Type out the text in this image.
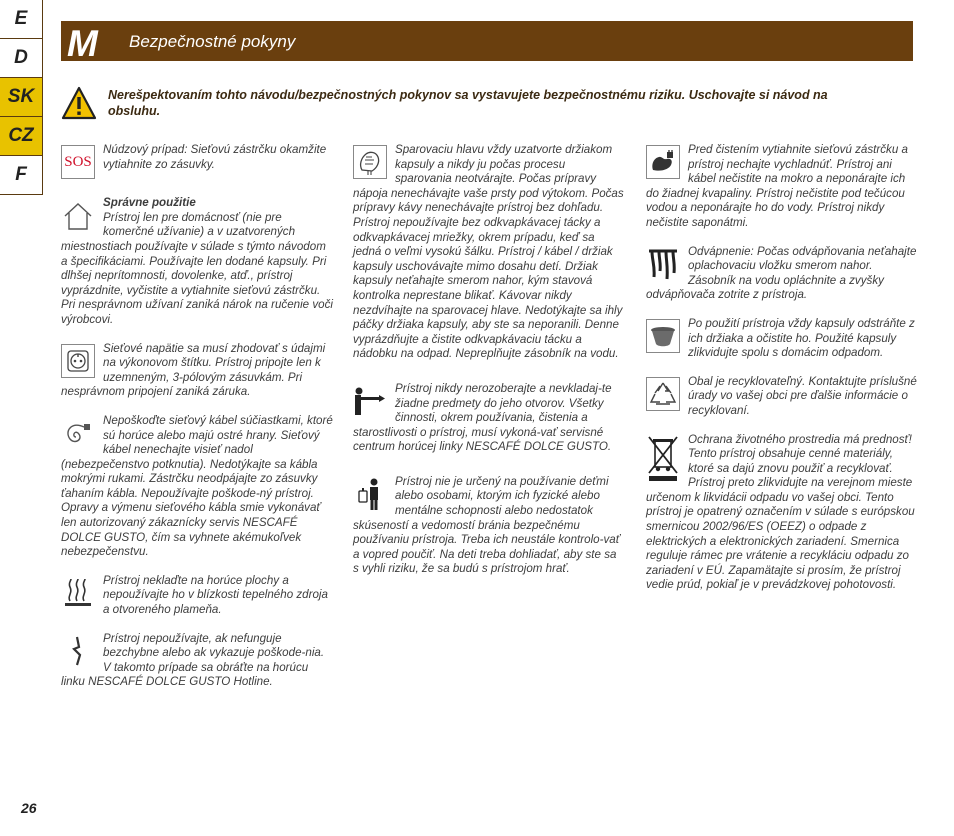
E
D
SK
CZ
F
M Bezpečnostné pokyny
Nerešpektovaním tohto návodu/bezpečnostných pokynov sa vystavujete bezpečnostnému riziku. Uschovajte si návod na obsluhu.
SOS

Núdzový prípad: Sieťovú zástrčku okamžite vytiahnite zo zásuvky.

Správne použitie

Prístroj len pre domácnosť (nie pre komerčné užívanie) a v uzatvorených miestnostiach používajte v súlade s týmto návodom a špecifikáciami. Používajte len dodané kapsuly. Pri dlhšej neprítomnosti, dovolenke, atď., prístroj vyprázdnite, vyčistite a vytiahnite sieťovú zástrčku. Pri nesprávnom užívaní zaniká nárok na ručenie voči výrobcovi.

Sieťové napätie sa musí zhodovať s údajmi na výkonovom štítku. Prístroj pripojte len k uzemneným, 3-pólovým zásuvkám. Pri nesprávnom pripojení zaniká záruka.

Nepoškoďte sieťový kábel súčiastkami, ktoré sú horúce alebo majú ostré hrany. Sieťový kábel nenechajte visieť nadol (nebezpečenstvo potknutia). Nedotýkajte sa kábla mokrými rukami. Zástrčku neodpájajte zo zásuvky ťahaním kábla. Nepoužívajte poškode-ný prístroj. Opravy a výmenu sieťového kábla smie vykonávať len autorizovaný zákaznícky servis NESCAFÉ DOLCE GUSTO, čím sa vyhnete akémukoľvek nebezpečenstvu.

Prístroj neklaďte na horúce plochy a nepoužívajte ho v blízkosti tepelného zdroja a otvoreného plameňa.

Prístroj nepoužívajte, ak nefunguje bezchybne alebo ak vykazuje poškode-nia. V takomto prípade sa obráťte na horúcu linku NESCAFÉ DOLCE GUSTO Hotline.

Sparovaciu hlavu vždy uzatvorte držiakom kapsuly a nikdy ju počas procesu sparovania neotvárajte. Počas prípravy nápoja nenechávajte vaše prsty pod výtokom. Počas prípravy kávy nenechávajte prístroj bez dohľadu. Prístroj nepoužívajte bez odkvapkávacej tácky a odkvapkávacej mriežky, okrem prípadu, keď sa jedná o veľmi vysokú šálku. Prístroj / kábel / držiak kapsuly uschovávajte mimo dosahu detí. Držiak kapsuly neťahajte smerom nahor, kým stavová kontrolka neprestane blikať. Kávovar nikdy nezdvíhajte na sparovacej hlave. Nedotýkajte sa ihly páčky držiaka kapsuly, aby ste sa neporanili. Denne vyprázdňujte a čistite odkvapkávaciu tácku a nádobku na odpad. Nepreplňujte zásobník na vodu.

Prístroj nikdy nerozoberajte a nevkladaj-te žiadne predmety do jeho otvorov. Všetky činnosti, okrem používania, čistenia a starostlivosti o prístroj, musí vykoná-vať servisné centrum horúcej linky NESCAFÉ DOLCE GUSTO.

Prístroj nie je určený na používanie deťmi alebo osobami, ktorým ich fyzické alebo mentálne schopnosti alebo nedostatok skúseností a vedomostí bránia bezpečnému používaniu prístroja. Treba ich neustále kontrolo-vať a vopred poučiť. Na deti treba dohliadať, aby ste sa s vyhli riziku, že sa budú s prístrojom hrať.

Pred čistením vytiahnite sieťovú zástrčku a prístroj nechajte vychladnúť. Prístroj ani kábel nečistite na mokro a neponárajte ich do žiadnej kvapaliny. Prístroj nečistite pod tečúcou vodou a neponárajte ho do vody. Prístroj nikdy nečistite saponátmi.

Odvápnenie: Počas odvápňovania neťahajte oplachovaciu vložku smerom nahor. Zásobník na vodu opláchnite a zvyšky odvápňovača zotrite z prístroja.

Po použití prístroja vždy kapsuly odstráňte z ich držiaka a očistite ho. Použité kapsuly zlikvidujte spolu s domácim odpadom.

Obal je recyklovateľný. Kontaktujte príslušné úrady vo vašej obci pre ďalšie informácie o recyklovaní.

Ochrana životného prostredia má prednosť! Tento prístroj obsahuje cenné materiály, ktoré sa dajú znovu použiť a recyklovať. Prístroj preto zlikvidujte na verejnom mieste určenom k likvidácii odpadu vo vašej obci. Tento prístroj je opatrený označením v súlade s európskou smernicou 2002/96/ES (OEEZ) o odpade z elektrických a elektronických zariadení. Smernica reguluje rámec pre vrátenie a recykláciu odpadu zo zariadení v EÚ. Zapamätajte si prosím, že prístroj vedie prúd, pokiaľ je v prevádzkovej pohotovosti.

26
